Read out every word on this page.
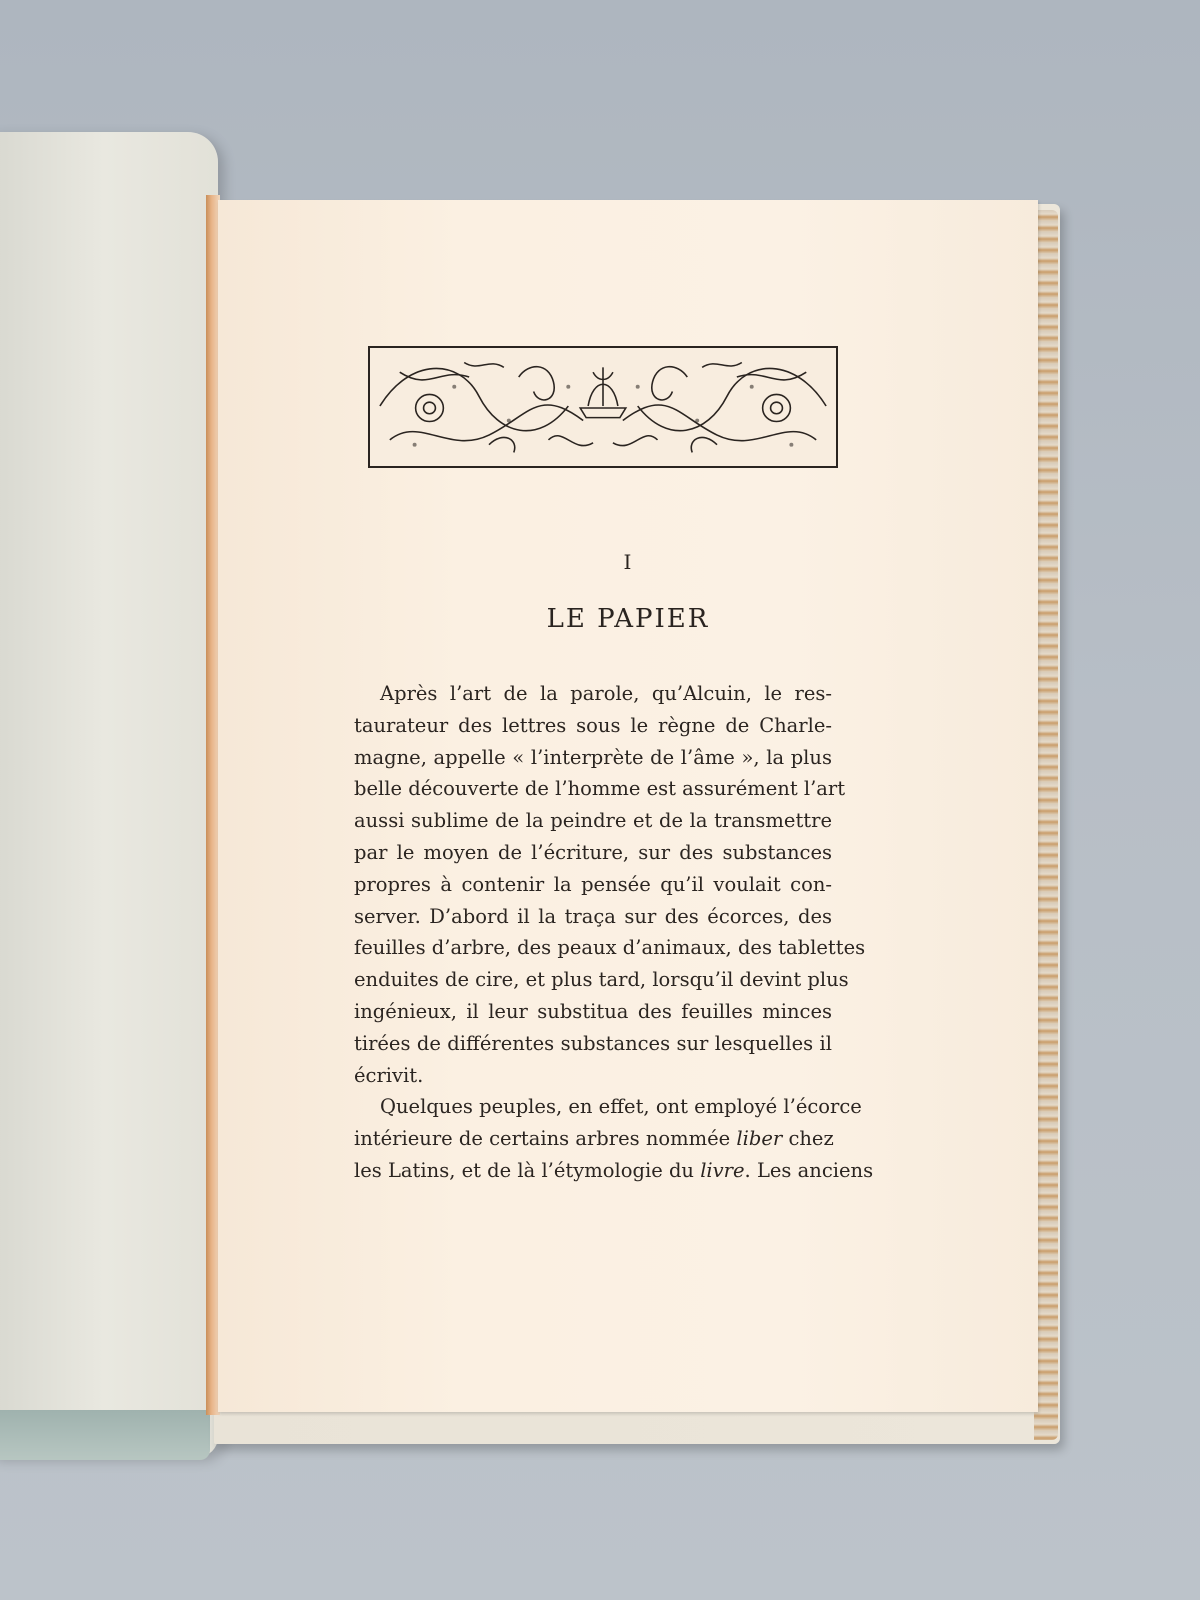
I
LE PAPIER
Après l’art de la parole, qu’Alcuin, le res-
taurateur des lettres sous le règne de Charle-
magne, appelle « l’interprète de l’âme », la plus
belle découverte de l’homme est assurément l’art
aussi sublime de la peindre et de la transmettre
par le moyen de l’écriture, sur des substances
propres à contenir la pensée qu’il voulait con-
server. D’abord il la traça sur des écorces, des
feuilles d’arbre, des peaux d’animaux, des tablettes
enduites de cire, et plus tard, lorsqu’il devint plus
ingénieux, il leur substitua des feuilles minces
tirées de différentes substances sur lesquelles il
écrivit.
Quelques peuples, en effet, ont employé l’écorce
intérieure de certains arbres nommée liber chez
les Latins, et de là l’étymologie du livre. Les anciens
